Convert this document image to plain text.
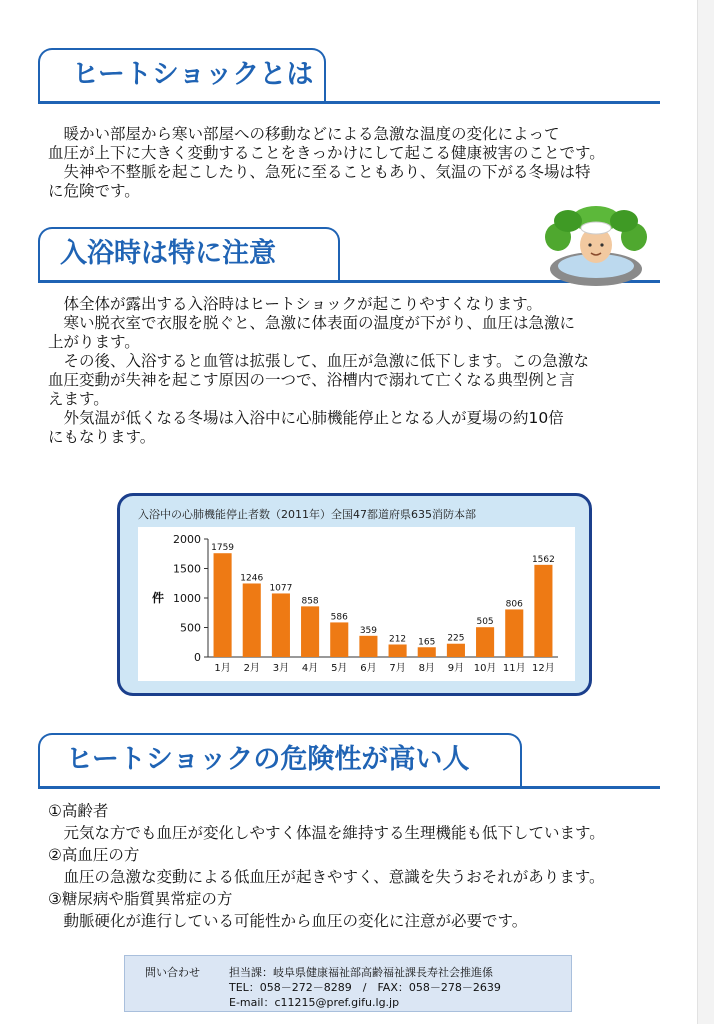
ヒートショックとは

　暖かい部屋から寒い部屋への移動などによる急激な温度の変化によって

血圧が上下に大きく変動することをきっかけにして起こる健康被害のことです。

　失神や不整脈を起こしたり、急死に至ることもあり、気温の下がる冬場は特

に危険です。

入浴時は特に注意

　体全体が露出する入浴時はヒートショックが起こりやすくなります。

　寒い脱衣室で衣服を脱ぐと、急激に体表面の温度が下がり、血圧は急激に

上がります。

　その後、入浴すると血管は拡張して、血圧が急激に低下します。この急激な

血圧変動が失神を起こす原因の一つで、浴槽内で溺れて亡くなる典型例と言

えます。

　外気温が低くなる冬場は入浴中に心肺機能停止となる人が夏場の約10倍

にもなります。

入浴中の心肺機能停止者数（2011年）全国47都道府県635消防本部
0
500
1000
1500
2000
件
1759
1月
1246
2月
1077
3月
858
4月
586
5月
359
6月
212
7月
165
8月
225
9月
505
10月
806
11月
1562
12月
ヒートショックの危険性が高い人

①高齢者

　元気な方でも血圧が変化しやすく体温を維持する生理機能も低下しています。

②高血圧の方

　血圧の急激な変動による低血圧が起きやすく、意識を失うおそれがあります。

③糖尿病や脂質異常症の方

　動脈硬化が進行している可能性から血圧の変化に注意が必要です。

問い合わせ	担当課：岐阜県健康福祉部高齢福祉課長寿社会推進係
TEL：058－272－8289　/　FAX：058－278－2639
E-mail：c11215@pref.gifu.lg.jp
